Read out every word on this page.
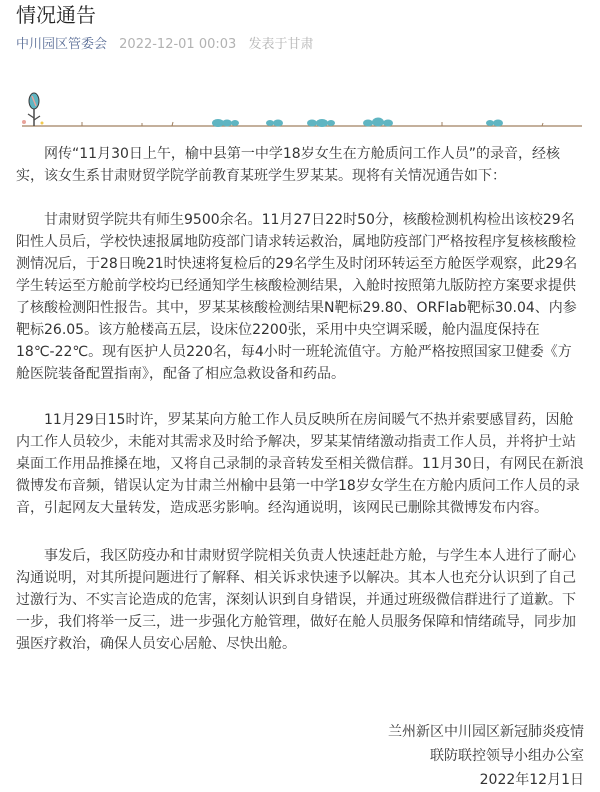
情况通告
中川园区管委会 2022-12-01 00:03 发表于甘肃

网传“11月30日上午，榆中县第一中学18岁女生在方舱质问工作人员”的录音，经核实，该女生系甘肃财贸学院学前教育某班学生罗某某。现将有关情况通告如下：

甘肃财贸学院共有师生9500余名。11月27日22时50分，核酸检测机构检出该校29名阳性人员后，学校快速报属地防疫部门请求转运救治，属地防疫部门严格按程序复核核酸检测情况后，于28日晚21时快速将复检后的29名学生及时闭环转运至方舱医学观察，此29名学生转运至方舱前学校均已经通知学生核酸检测结果，入舱时按照第九版防控方案要求提供了核酸检测阳性报告。其中，罗某某核酸检测结果N靶标29.80、ORFlab靶标30.04、内参靶标26.05。该方舱楼高五层，设床位2200张，采用中央空调采暖，舱内温度保持在18℃-22℃。现有医护人员220名，每4小时一班轮流值守。方舱严格按照国家卫健委《方舱医院装备配置指南》，配备了相应急救设备和药品。

11月29日15时许，罗某某向方舱工作人员反映所在房间暖气不热并索要感冒药，因舱内工作人员较少，未能对其需求及时给予解决，罗某某情绪激动指责工作人员，并将护士站桌面工作用品推搡在地，又将自己录制的录音转发至相关微信群。11月30日，有网民在新浪微博发布音频，错误认定为甘肃兰州榆中县第一中学18岁女学生在方舱内质问工作人员的录音，引起网友大量转发，造成恶劣影响。经沟通说明，该网民已删除其微博发布内容。

事发后，我区防疫办和甘肃财贸学院相关负责人快速赶赴方舱，与学生本人进行了耐心沟通说明，对其所提问题进行了解释、相关诉求快速予以解决。其本人也充分认识到了自己过激行为、不实言论造成的危害，深刻认识到自身错误，并通过班级微信群进行了道歉。下一步，我们将举一反三，进一步强化方舱管理，做好在舱人员服务保障和情绪疏导，同步加强医疗救治，确保人员安心居舱、尽快出舱。

兰州新区中川园区新冠肺炎疫情
联防联控领导小组办公室
2022年12月1日
